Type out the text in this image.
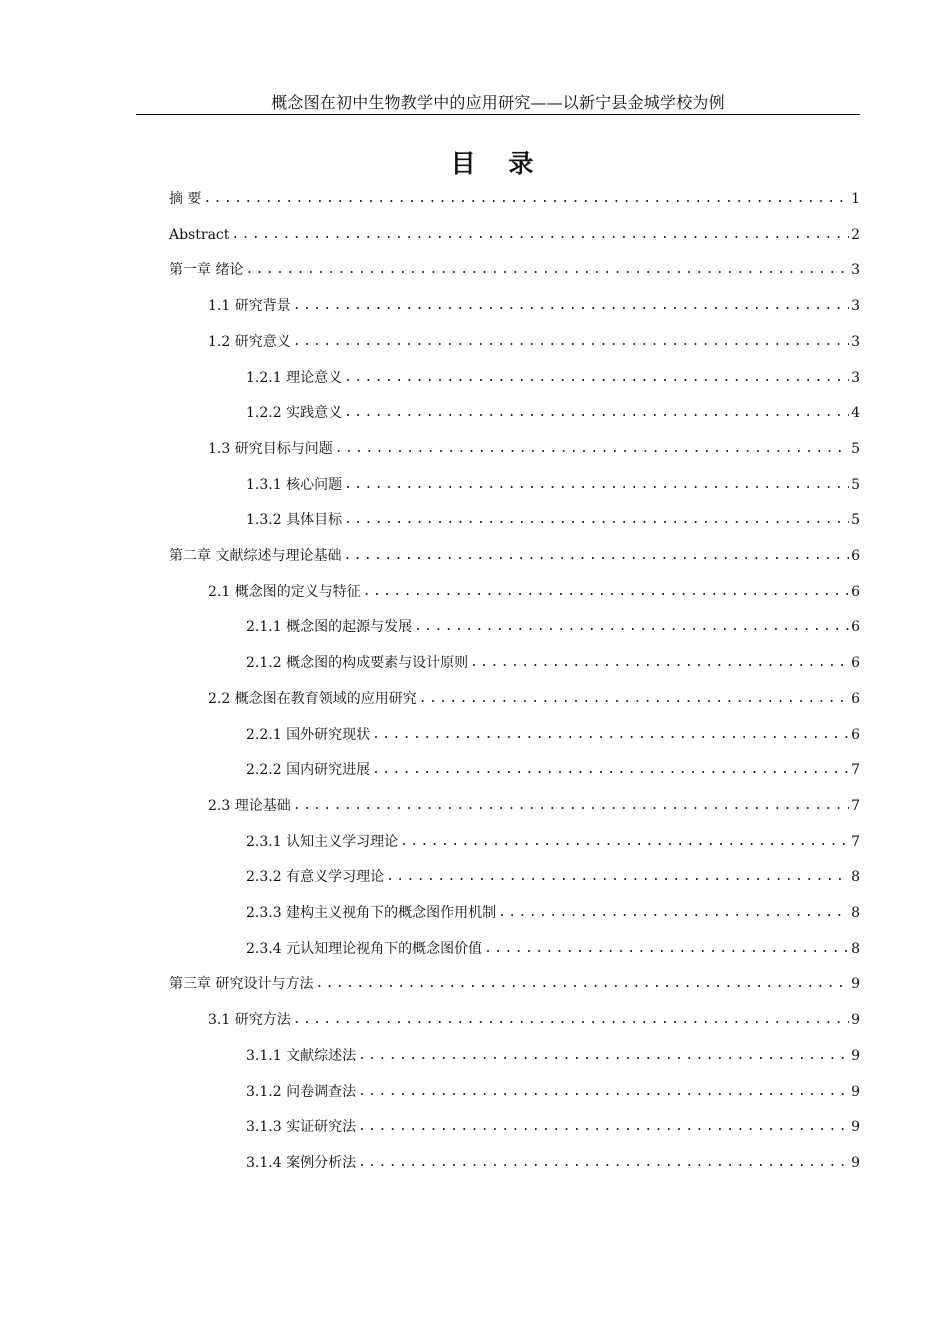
概念图在初中生物教学中的应用研究——以新宁县金城学校为例
目 录
摘 要 .....	1
Abstract .....	2
第一章 绪论 .....	3
1.1 研究背景 .....	3
1.2 研究意义 .....	3
1.2.1 理论意义 .....	3
1.2.2 实践意义 .....	4
1.3 研究目标与问题 .....	5
1.3.1 核心问题 .....	5
1.3.2 具体目标 .....	5
第二章 文献综述与理论基础 .....	6
2.1 概念图的定义与特征 .....	6
2.1.1 概念图的起源与发展 .....	6
2.1.2 概念图的构成要素与设计原则 .....	6
2.2 概念图在教育领域的应用研究 .....	6
2.2.1 国外研究现状 .....	6
2.2.2 国内研究进展 .....	7
2.3 理论基础 .....	7
2.3.1 认知主义学习理论 .....	7
2.3.2 有意义学习理论 .....	8
2.3.3 建构主义视角下的概念图作用机制 .....	8
2.3.4 元认知理论视角下的概念图价值 .....	8
第三章 研究设计与方法 .....	9
3.1 研究方法 .....	9
3.1.1 文献综述法 .....	9
3.1.2 问卷调查法 .....	9
3.1.3 实证研究法 .....	9
3.1.4 案例分析法 .....	9
